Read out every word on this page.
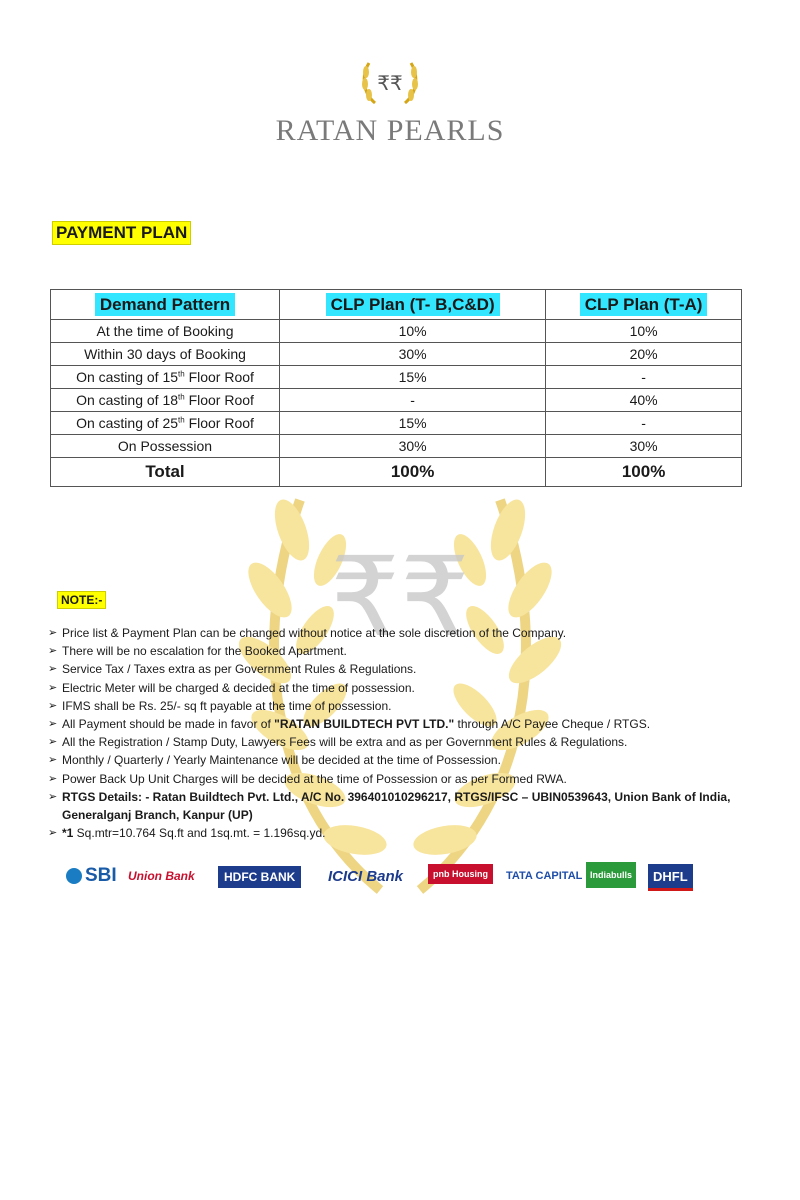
₹₹
RATAN PEARLS
₹₹
PAYMENT PLAN
Demand Pattern	CLP Plan (T- B,C&D)	CLP Plan (T-A)
At the time of Booking	10%	10%
Within 30 days of Booking	30%	20%
On casting of 15th Floor Roof	15%	-
On casting of 18th Floor Roof	-	40%
On casting of 25th Floor Roof	15%	-
On Possession	30%	30%
Total	100%	100%
NOTE:-
➢ Price list & Payment Plan can be changed without notice at the sole discretion of the Company.
➢ There will be no escalation for the Booked Apartment.
➢ Service Tax / Taxes extra as per Government Rules & Regulations.
➢ Electric Meter will be charged & decided at the time of possession.
➢ IFMS shall be Rs. 25/- sq ft payable at the time of possession.
➢ All Payment should be made in favor of "RATAN BUILDTECH PVT LTD." through A/C Payee Cheque / RTGS.
➢ All the Registration / Stamp Duty, Lawyers Fees will be extra and as per Government Rules & Regulations.
➢ Monthly / Quarterly / Yearly Maintenance will be decided at the time of Possession.
➢ Power Back Up Unit Charges will be decided at the time of Possession or as per Formed RWA.
➢ RTGS Details: - Ratan Buildtech Pvt. Ltd., A/C No. 396401010296217, RTGS/IFSC – UBIN0539643, Union Bank of India, Generalganj Branch, Kanpur (UP)
➢ *1 Sq.mtr=10.764 Sq.ft and 1sq.mt. = 1.196sq.yd.
SBI Union Bank HDFC BANK ICICI Bank	pnb Housing TATA CAPITAL Indiabulls DHFL
